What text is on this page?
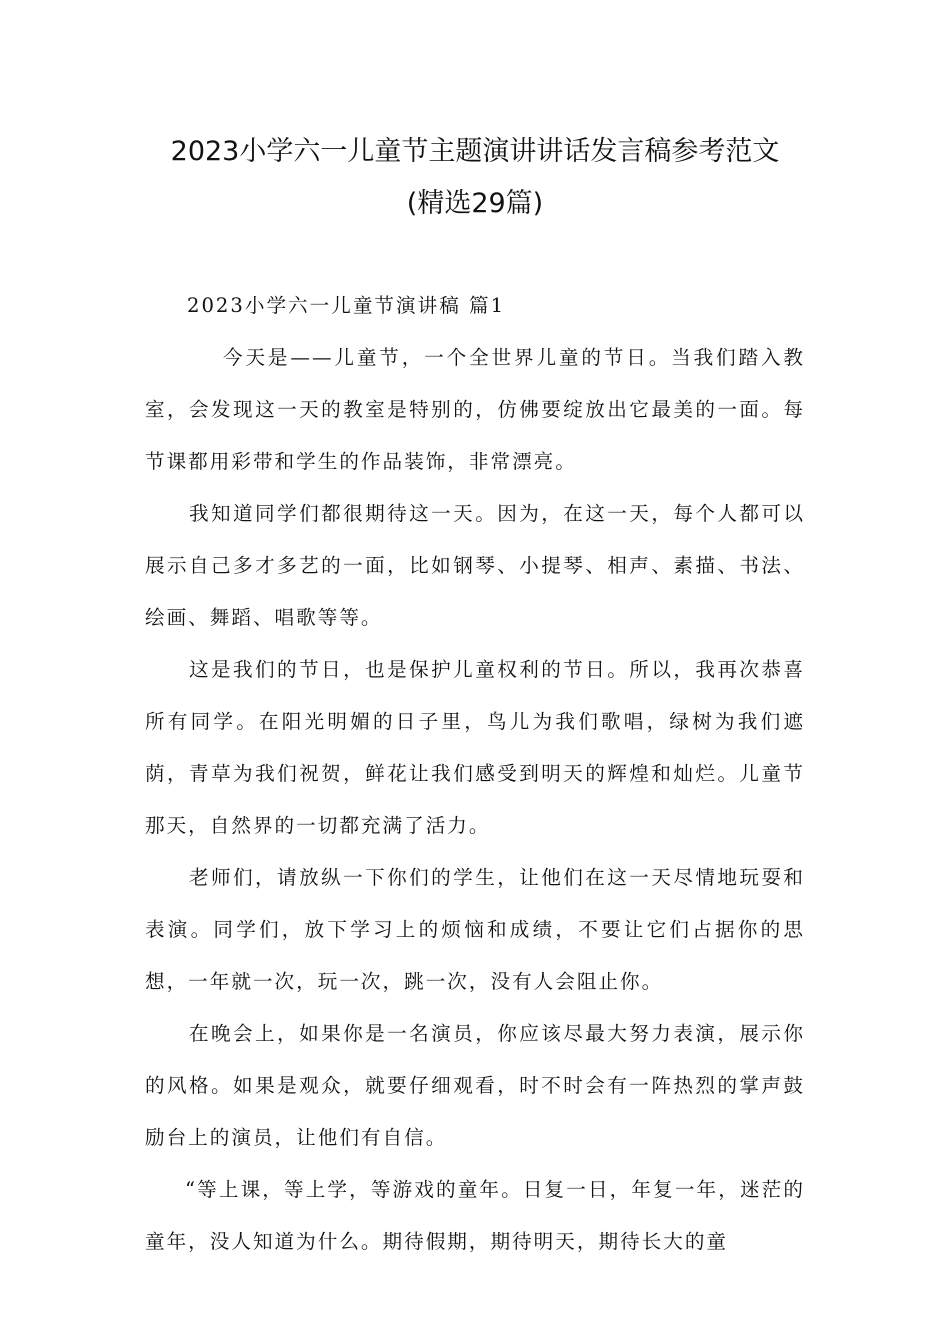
2023小学六一儿童节主题演讲讲话发言稿参考范文
(精选29篇)

2023小学六一儿童节演讲稿 篇1

今天是——儿童节，一个全世界儿童的节日。当我们踏入教室，会发现这一天的教室是特别的，仿佛要绽放出它最美的一面。每节课都用彩带和学生的作品装饰，非常漂亮。

我知道同学们都很期待这一天。因为，在这一天，每个人都可以展示自己多才多艺的一面，比如钢琴、小提琴、相声、素描、书法、绘画、舞蹈、唱歌等等。

这是我们的节日，也是保护儿童权利的节日。所以，我再次恭喜所有同学。在阳光明媚的日子里，鸟儿为我们歌唱，绿树为我们遮荫，青草为我们祝贺，鲜花让我们感受到明天的辉煌和灿烂。儿童节那天，自然界的一切都充满了活力。

老师们，请放纵一下你们的学生，让他们在这一天尽情地玩耍和表演。同学们，放下学习上的烦恼和成绩，不要让它们占据你的思想，一年就一次，玩一次，跳一次，没有人会阻止你。

在晚会上，如果你是一名演员，你应该尽最大努力表演，展示你的风格。如果是观众，就要仔细观看，时不时会有一阵热烈的掌声鼓励台上的演员，让他们有自信。

“等上课，等上学，等游戏的童年。日复一日，年复一年，迷茫的童年，没人知道为什么。期待假期，期待明天，期待长大的童
